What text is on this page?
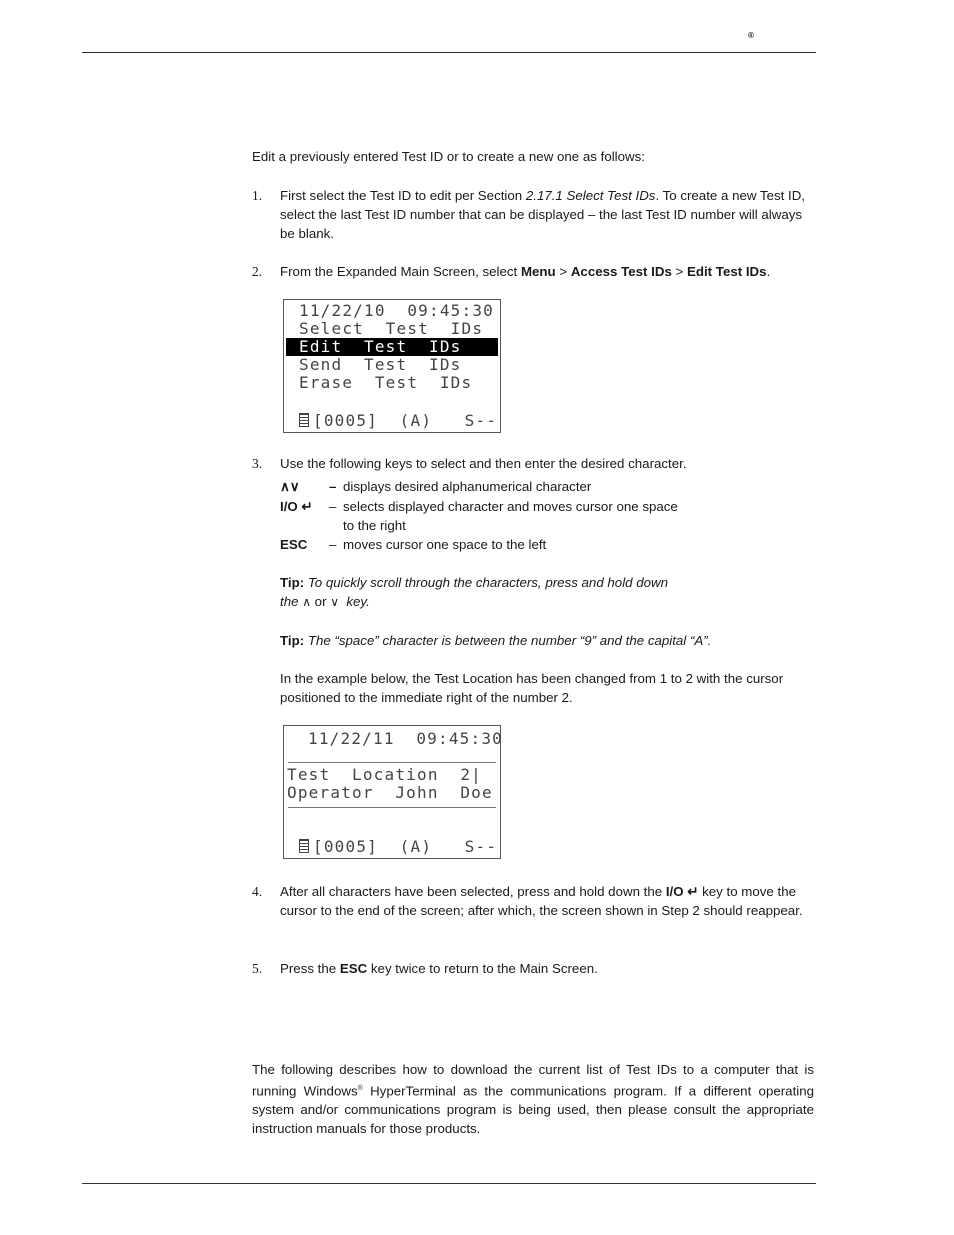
®

Edit a previously entered Test ID or to create a new one as follows:

1. First select the Test ID to edit per Section 2.17.1 Select Test IDs. To create a new Test ID, select the last Test ID number that can be displayed – the last Test ID number will always be blank.
2. From the Expanded Main Screen, select Menu > Access Test IDs > Edit Test IDs.
11/22/10  09:45:30
Select  Test  IDs
Edit  Test  IDs
Send  Test  IDs
Erase  Test  IDs
[0005]  (A)   S--
3. Use the following keys to select and then enter the desired character.
∧∨ – displays desired alphanumerical character
I/O ↵ – selects displayed character and moves cursor one space
to the right
ESC – moves cursor one space to the left
Tip: To quickly scroll through the characters, press and hold down
the ∧ or ∨  key.
Tip: The “space” character is between the number “9” and the capital “A”.
In the example below, the Test Location has been changed from 1 to 2 with the cursor positioned to the immediate right of the number 2.
11/22/11  09:45:30
Test  Location  2|
Operator  John  Doe
[0005]  (A)   S--
4. After all characters have been selected, press and hold down the I/O ↵ key to move the cursor to the end of the screen; after which, the screen shown in Step 2 should reappear.
5. Press the ESC key twice to return to the Main Screen.
The following describes how to download the current list of Test IDs to a computer that is running Windows® HyperTerminal as the communications program. If a different operating system and/or communications program is being used, then please consult the appropriate instruction manuals for those products.
